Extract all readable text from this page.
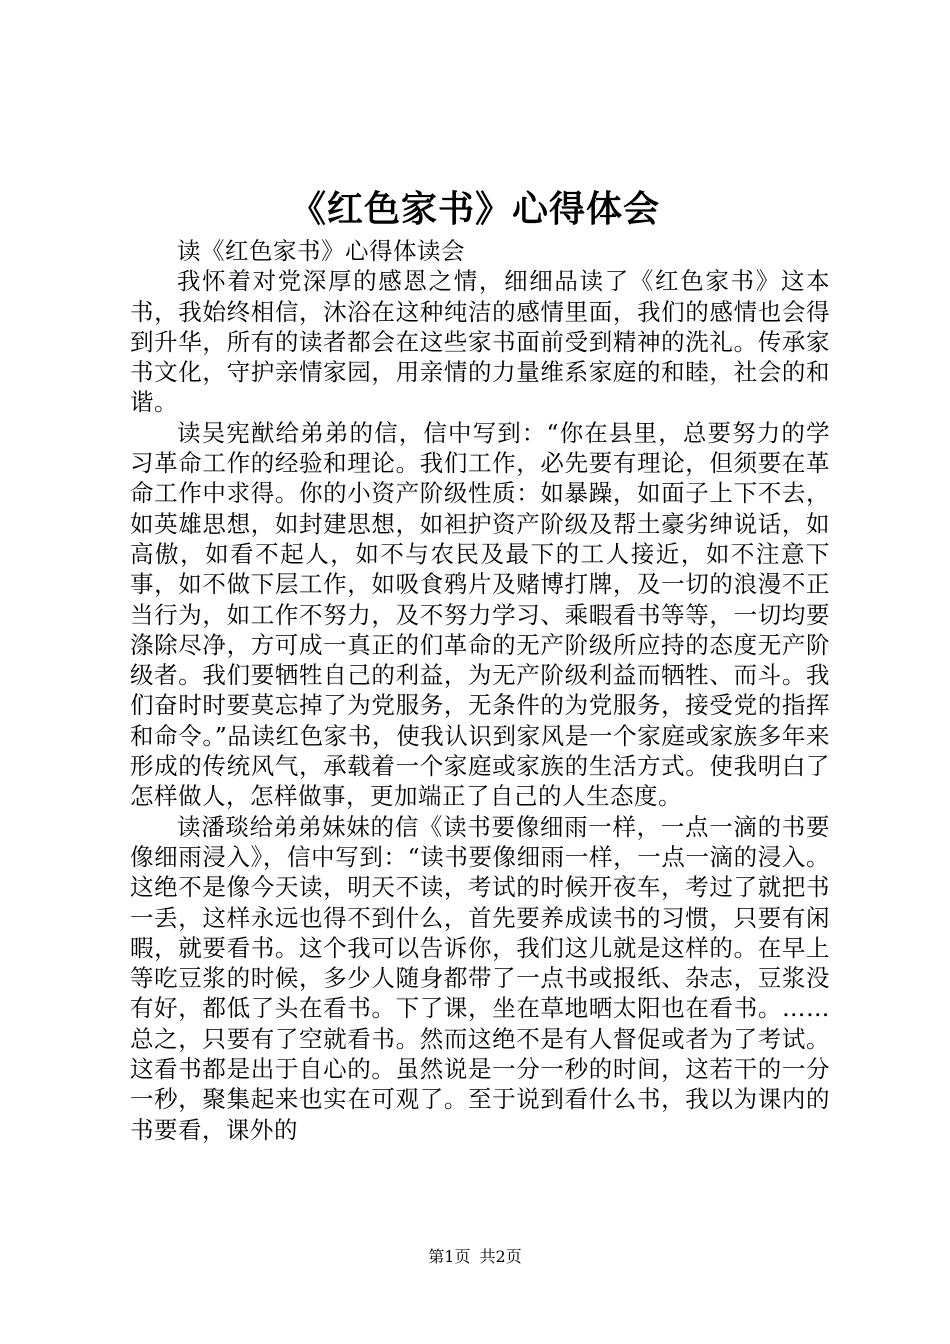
《红色家书》心得体会

读《红色家书》心得体读会

我怀着对党深厚的感恩之情，细细品读了《红色家书》这本书，我始终相信，沐浴在这种纯洁的感情里面，我们的感情也会得到升华，所有的读者都会在这些家书面前受到精神的洗礼。传承家书文化，守护亲情家园，用亲情的力量维系家庭的和睦，社会的和谐。

读吴宪猷给弟弟的信，信中写到：“你在县里，总要努力的学习革命工作的经验和理论。我们工作，必先要有理论，但须要在革命工作中求得。你的小资产阶级性质：如暴躁，如面子上下不去，如英雄思想，如封建思想，如袒护资产阶级及帮土豪劣绅说话，如高傲，如看不起人，如不与农民及最下的工人接近，如不注意下事，如不做下层工作，如吸食鸦片及赌博打牌，及一切的浪漫不正当行为，如工作不努力，及不努力学习、乘暇看书等等，一切均要涤除尽净，方可成一真正的们革命的无产阶级所应持的态度无产阶级者。我们要牺牲自己的利益，为无产阶级利益而牺牲、而斗。我们奋时时要莫忘掉了为党服务，无条件的为党服务，接受党的指挥和命令。”品读红色家书，使我认识到家风是一个家庭或家族多年来形成的传统风气，承载着一个家庭或家族的生活方式。使我明白了怎样做人，怎样做事，更加端正了自己的人生态度。

读潘琰给弟弟妹妹的信《读书要像细雨一样，一点一滴的书要像细雨浸入》，信中写到：“读书要像细雨一样，一点一滴的浸入。这绝不是像今天读，明天不读，考试的时候开夜车，考过了就把书一丢，这样永远也得不到什么，首先要养成读书的习惯，只要有闲暇，就要看书。这个我可以告诉你，我们这儿就是这样的。在早上等吃豆浆的时候，多少人随身都带了一点书或报纸、杂志，豆浆没有好，都低了头在看书。下了课，坐在草地晒太阳也在看书。……总之，只要有了空就看书。然而这绝不是有人督促或者为了考试。这看书都是出于自心的。虽然说是一分一秒的时间，这若干的一分一秒，聚集起来也实在可观了。至于说到看什么书，我以为课内的书要看，课外的

第1页 共2页
